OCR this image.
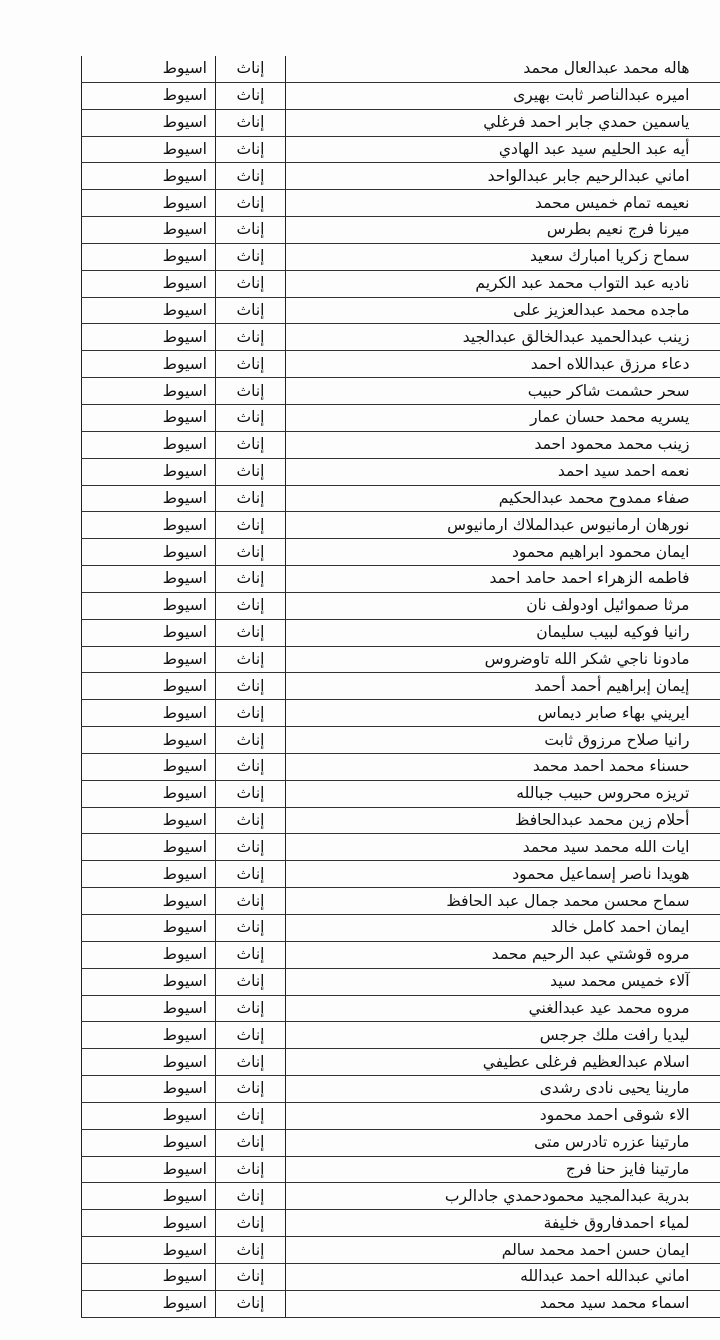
	هاله محمد عبدالعال محمد	إناث	اسيوط
	اميره عبدالناصر ثابت بهيرى	إناث	اسيوط
	ياسمين حمدي جابر احمد فرغلي	إناث	اسيوط
	أيه عبد الحليم سيد عبد الهادي	إناث	اسيوط
	اماني عبدالرحيم جابر عبدالواحد	إناث	اسيوط
	نعيمه تمام خميس محمد	إناث	اسيوط
	ميرنا فرج نعيم بطرس	إناث	اسيوط
	سماح زكريا امبارك سعيد	إناث	اسيوط
	ناديه عبد التواب محمد عبد الكريم	إناث	اسيوط
	ماجده محمد عبدالعزيز على	إناث	اسيوط
	زينب عبدالحميد عبدالخالق عبدالجيد	إناث	اسيوط
	دعاء مرزق عبداللاه احمد	إناث	اسيوط
	سحر حشمت شاكر حبيب	إناث	اسيوط
	يسريه محمد حسان عمار	إناث	اسيوط
	زينب محمد محمود احمد	إناث	اسيوط
	نعمه احمد سيد احمد	إناث	اسيوط
	صفاء ممدوح محمد عبدالحكيم	إناث	اسيوط
	نورهان ارمانيوس عبدالملاك ارمانيوس	إناث	اسيوط
	ايمان محمود ابراهيم محمود	إناث	اسيوط
	فاطمه الزهراء احمد حامد احمد	إناث	اسيوط
	مرثا صموائيل اودولف نان	إناث	اسيوط
	رانيا فوكيه لبيب سليمان	إناث	اسيوط
	مادونا ناجي شكر الله تاوضروس	إناث	اسيوط
	إيمان إبراهيم أحمد أحمد	إناث	اسيوط
	ايريني بهاء صابر ديماس	إناث	اسيوط
	رانيا صلاح مرزوق ثابت	إناث	اسيوط
	حسناء محمد احمد محمد	إناث	اسيوط
	تريزه محروس حبيب جبالله	إناث	اسيوط
	أحلام زين محمد عبدالحافظ	إناث	اسيوط
	ايات الله محمد سيد محمد	إناث	اسيوط
	هويدا ناصر إسماعيل محمود	إناث	اسيوط
	سماح محسن محمد جمال عبد الحافظ	إناث	اسيوط
	ايمان احمد كامل خالد	إناث	اسيوط
	مروه قوشتي عبد الرحيم محمد	إناث	اسيوط
	آلاء خميس محمد سيد	إناث	اسيوط
	مروه محمد عيد عبدالغني	إناث	اسيوط
	ليديا رافت ملك جرجس	إناث	اسيوط
	اسلام عبدالعظيم فرغلى عطيفي	إناث	اسيوط
	مارينا يحيى نادى رشدى	إناث	اسيوط
	الاء شوقى احمد محمود	إناث	اسيوط
	مارتينا عزره تادرس متى	إناث	اسيوط
	مارتينا فايز حنا فرج	إناث	اسيوط
	بدرية عبدالمجيد محمودحمدي جادالرب	إناث	اسيوط
	لمياء احمدفاروق خليفة	إناث	اسيوط
	ايمان حسن احمد محمد سالم	إناث	اسيوط
	اماني عبدالله احمد عبدالله	إناث	اسيوط
	اسماء محمد سيد محمد	إناث	اسيوط
